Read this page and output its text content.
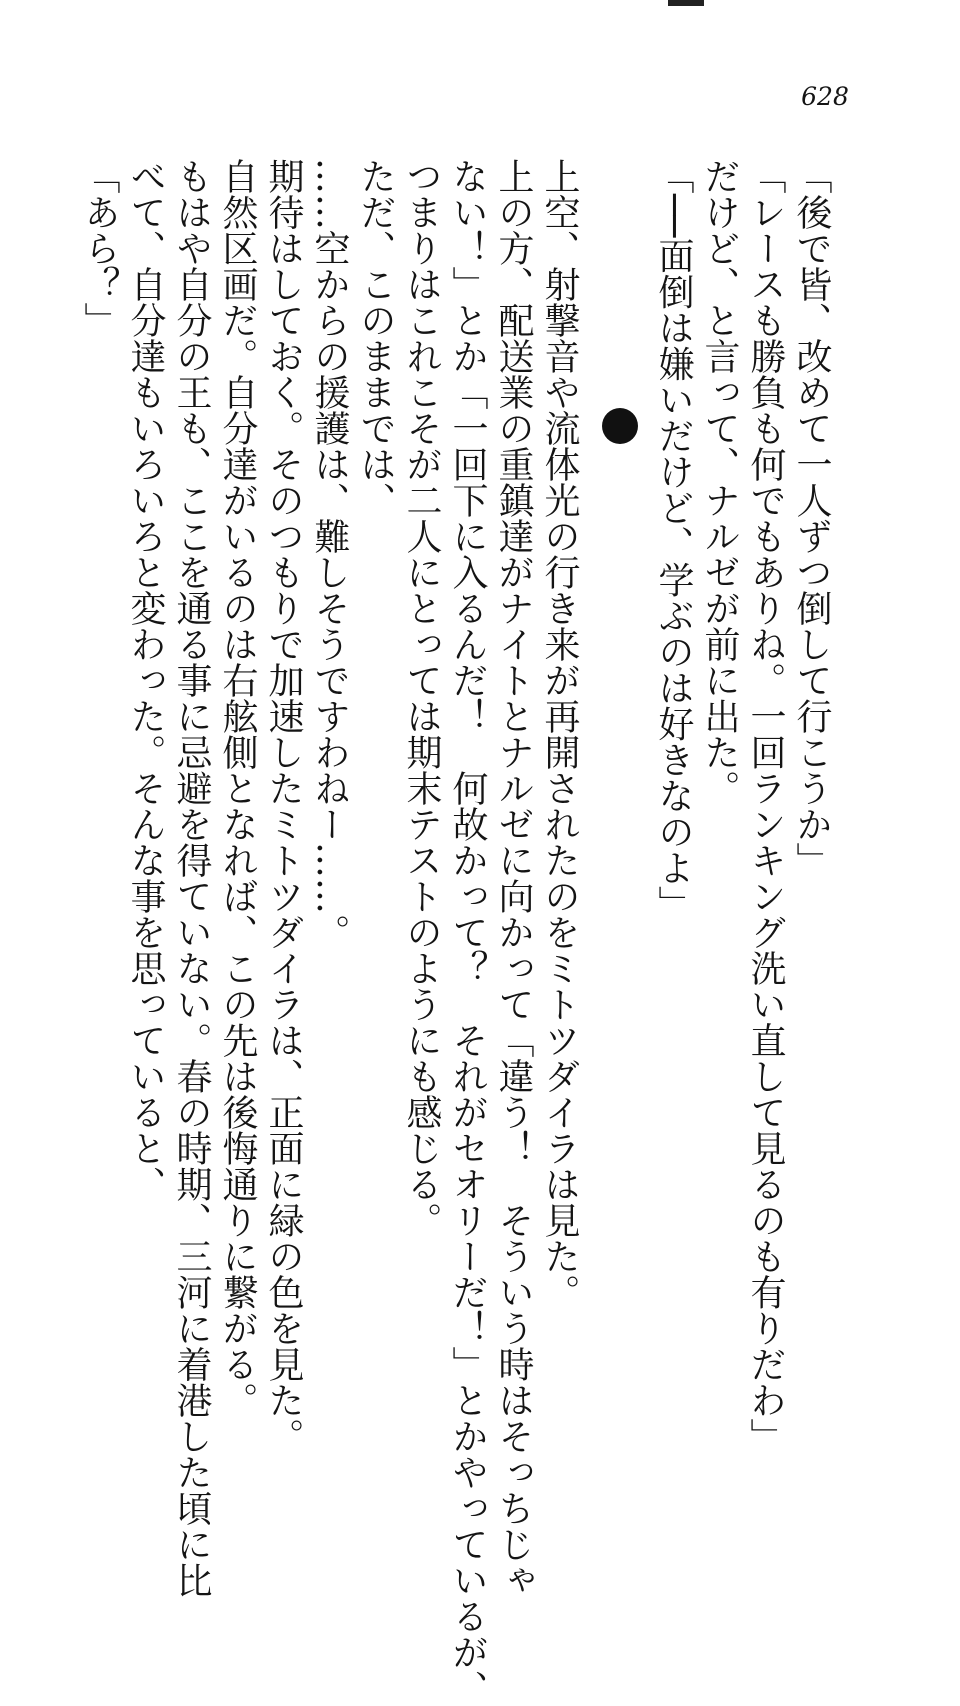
628
「後で皆、改めて一人ずつ倒して行こうか」
「レースも勝負も何でもありね。一回ランキング洗い直して見るのも有りだわ」
だけど、と言って、ナルゼが前に出た。
「──面倒は嫌いだけど、学ぶのは好きなのよ」
上空、射撃音や流体光の行き来が再開されたのをミトツダイラは見た。
上の方、配送業の重鎮達がナイトとナルゼに向かって「違う！　そういう時はそっちじゃ
ない！」とか「一回下に入るんだ！　何故かって？　それがセオリーだ！」とかやっているが、
つまりはこれこそが二人にとっては期末テストのようにも感じる。
ただ、このままでは、
……空からの援護は、難しそうですわねー……。
期待はしておく。そのつもりで加速したミトツダイラは、正面に緑の色を見た。
自然区画だ。自分達がいるのは右舷側となれば、この先は後悔通りに繋がる。
もはや自分の王も、ここを通る事に忌避を得ていない。春の時期、三河に着港した頃に比
べて、自分達もいろいろと変わった。そんな事を思っていると、
「あら？」
